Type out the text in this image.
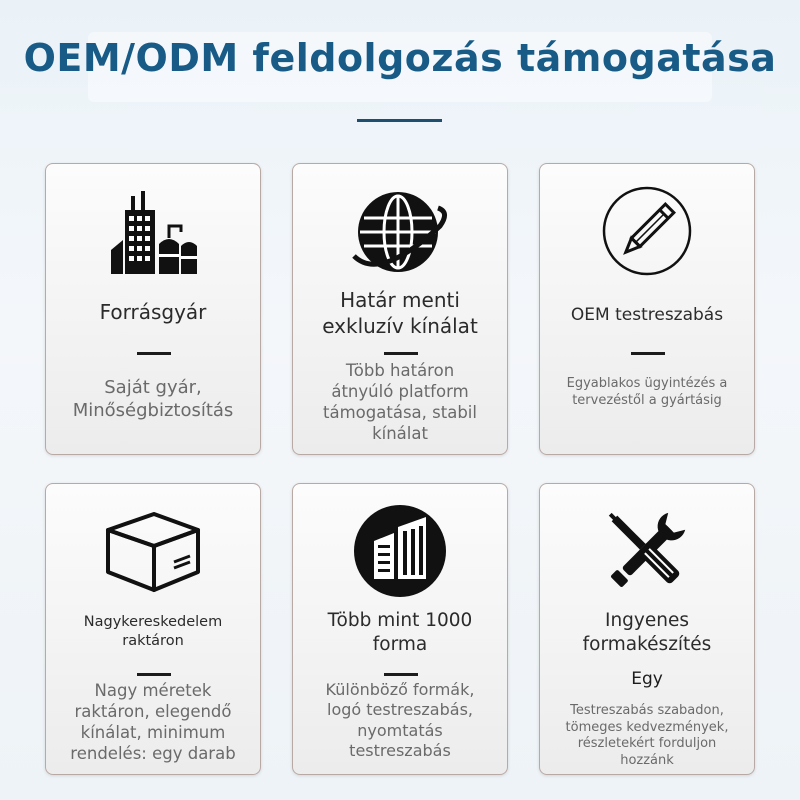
OEM/ODM feldolgozás támogatása
Forrásgyár
Saját gyár, Minőségbiztosítás
Határ menti exkluzív kínálat
Több határon átnyúló platform támogatása, stabil kínálat
OEM testreszabás
Egyablakos ügyintézés a tervezéstől a gyártásig
Nagykereskedelem raktáron
Nagy méretek raktáron, elegendő kínálat, minimum rendelés: egy darab
Több mint 1000 forma
Különböző formák, logó testreszabás, nyomtatás testreszabás
Ingyenes formakészítés
Egy
Testreszabás szabadon, tömeges kedvezmények, részletekért forduljon hozzánk
